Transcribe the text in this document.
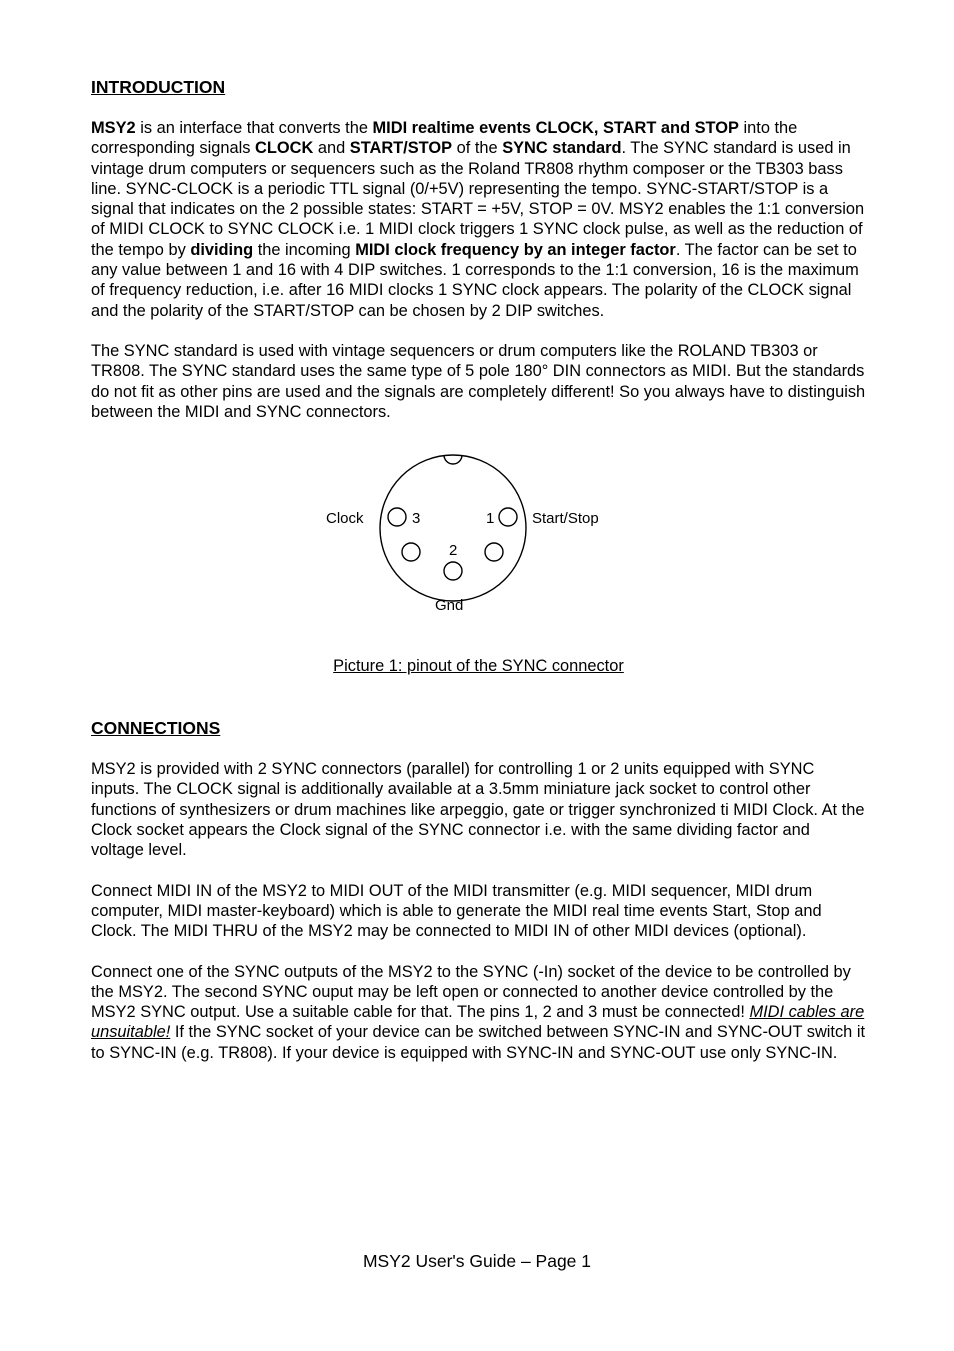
INTRODUCTION

MSY2 is an interface that converts the MIDI realtime events CLOCK, START and STOP into the corresponding signals CLOCK and START/STOP of the SYNC standard. The SYNC standard is used in vintage drum computers or sequencers such as the Roland TR808 rhythm composer or the TB303 bass line. SYNC-CLOCK is a periodic TTL signal (0/+5V) representing the tempo. SYNC-START/STOP is a signal that indicates on the 2 possible states: START = +5V, STOP = 0V. MSY2 enables the 1:1 conversion of MIDI CLOCK to SYNC CLOCK i.e. 1 MIDI clock triggers 1 SYNC clock pulse, as well as the reduction of the tempo by dividing the incoming MIDI clock frequency by an integer factor. The factor can be set to any value between 1 and 16 with 4 DIP switches. 1 corresponds to the 1:1 conversion, 16 is the maximum of frequency reduction, i.e. after 16 MIDI clocks 1 SYNC clock appears. The polarity of the CLOCK signal and the polarity of the START/STOP can be chosen by 2 DIP switches.

The SYNC standard is used with vintage sequencers or drum computers like the ROLAND TB303 or TR808. The SYNC standard uses the same type of 5 pole 180° DIN connectors as MIDI. But the standards do not fit as other pins are used and the signals are completely different! So you always have to distinguish between the MIDI and SYNC connectors.

Clock	3	1	Start/Stop
2
Gnd

Picture 1: pinout of the SYNC connector

CONNECTIONS

MSY2 is provided with 2 SYNC connectors (parallel) for controlling 1 or 2 units equipped with SYNC inputs. The CLOCK signal is additionally available at a 3.5mm miniature jack socket to control other functions of synthesizers or drum machines like arpeggio, gate or trigger synchronized ti MIDI Clock. At the Clock socket appears the Clock signal of the SYNC connector i.e. with the same dividing factor and voltage level.

Connect MIDI IN of the MSY2 to MIDI OUT of the MIDI transmitter (e.g. MIDI sequencer, MIDI drum computer, MIDI master-keyboard) which is able to generate the MIDI real time events Start, Stop and Clock. The MIDI THRU of the MSY2 may be connected to MIDI IN of other MIDI devices (optional).

Connect one of the SYNC outputs of the MSY2 to the SYNC (-In) socket of the device to be controlled by the MSY2. The second SYNC ouput may be left open or connected to another device controlled by the MSY2 SYNC output. Use a suitable cable for that. The pins 1, 2 and 3 must be connected! MIDI cables are unsuitable! If the SYNC socket of your device can be switched between SYNC-IN and SYNC-OUT switch it to SYNC-IN (e.g. TR808). If your device is equipped with SYNC-IN and SYNC-OUT use only SYNC-IN.

MSY2 User's Guide – Page 1
